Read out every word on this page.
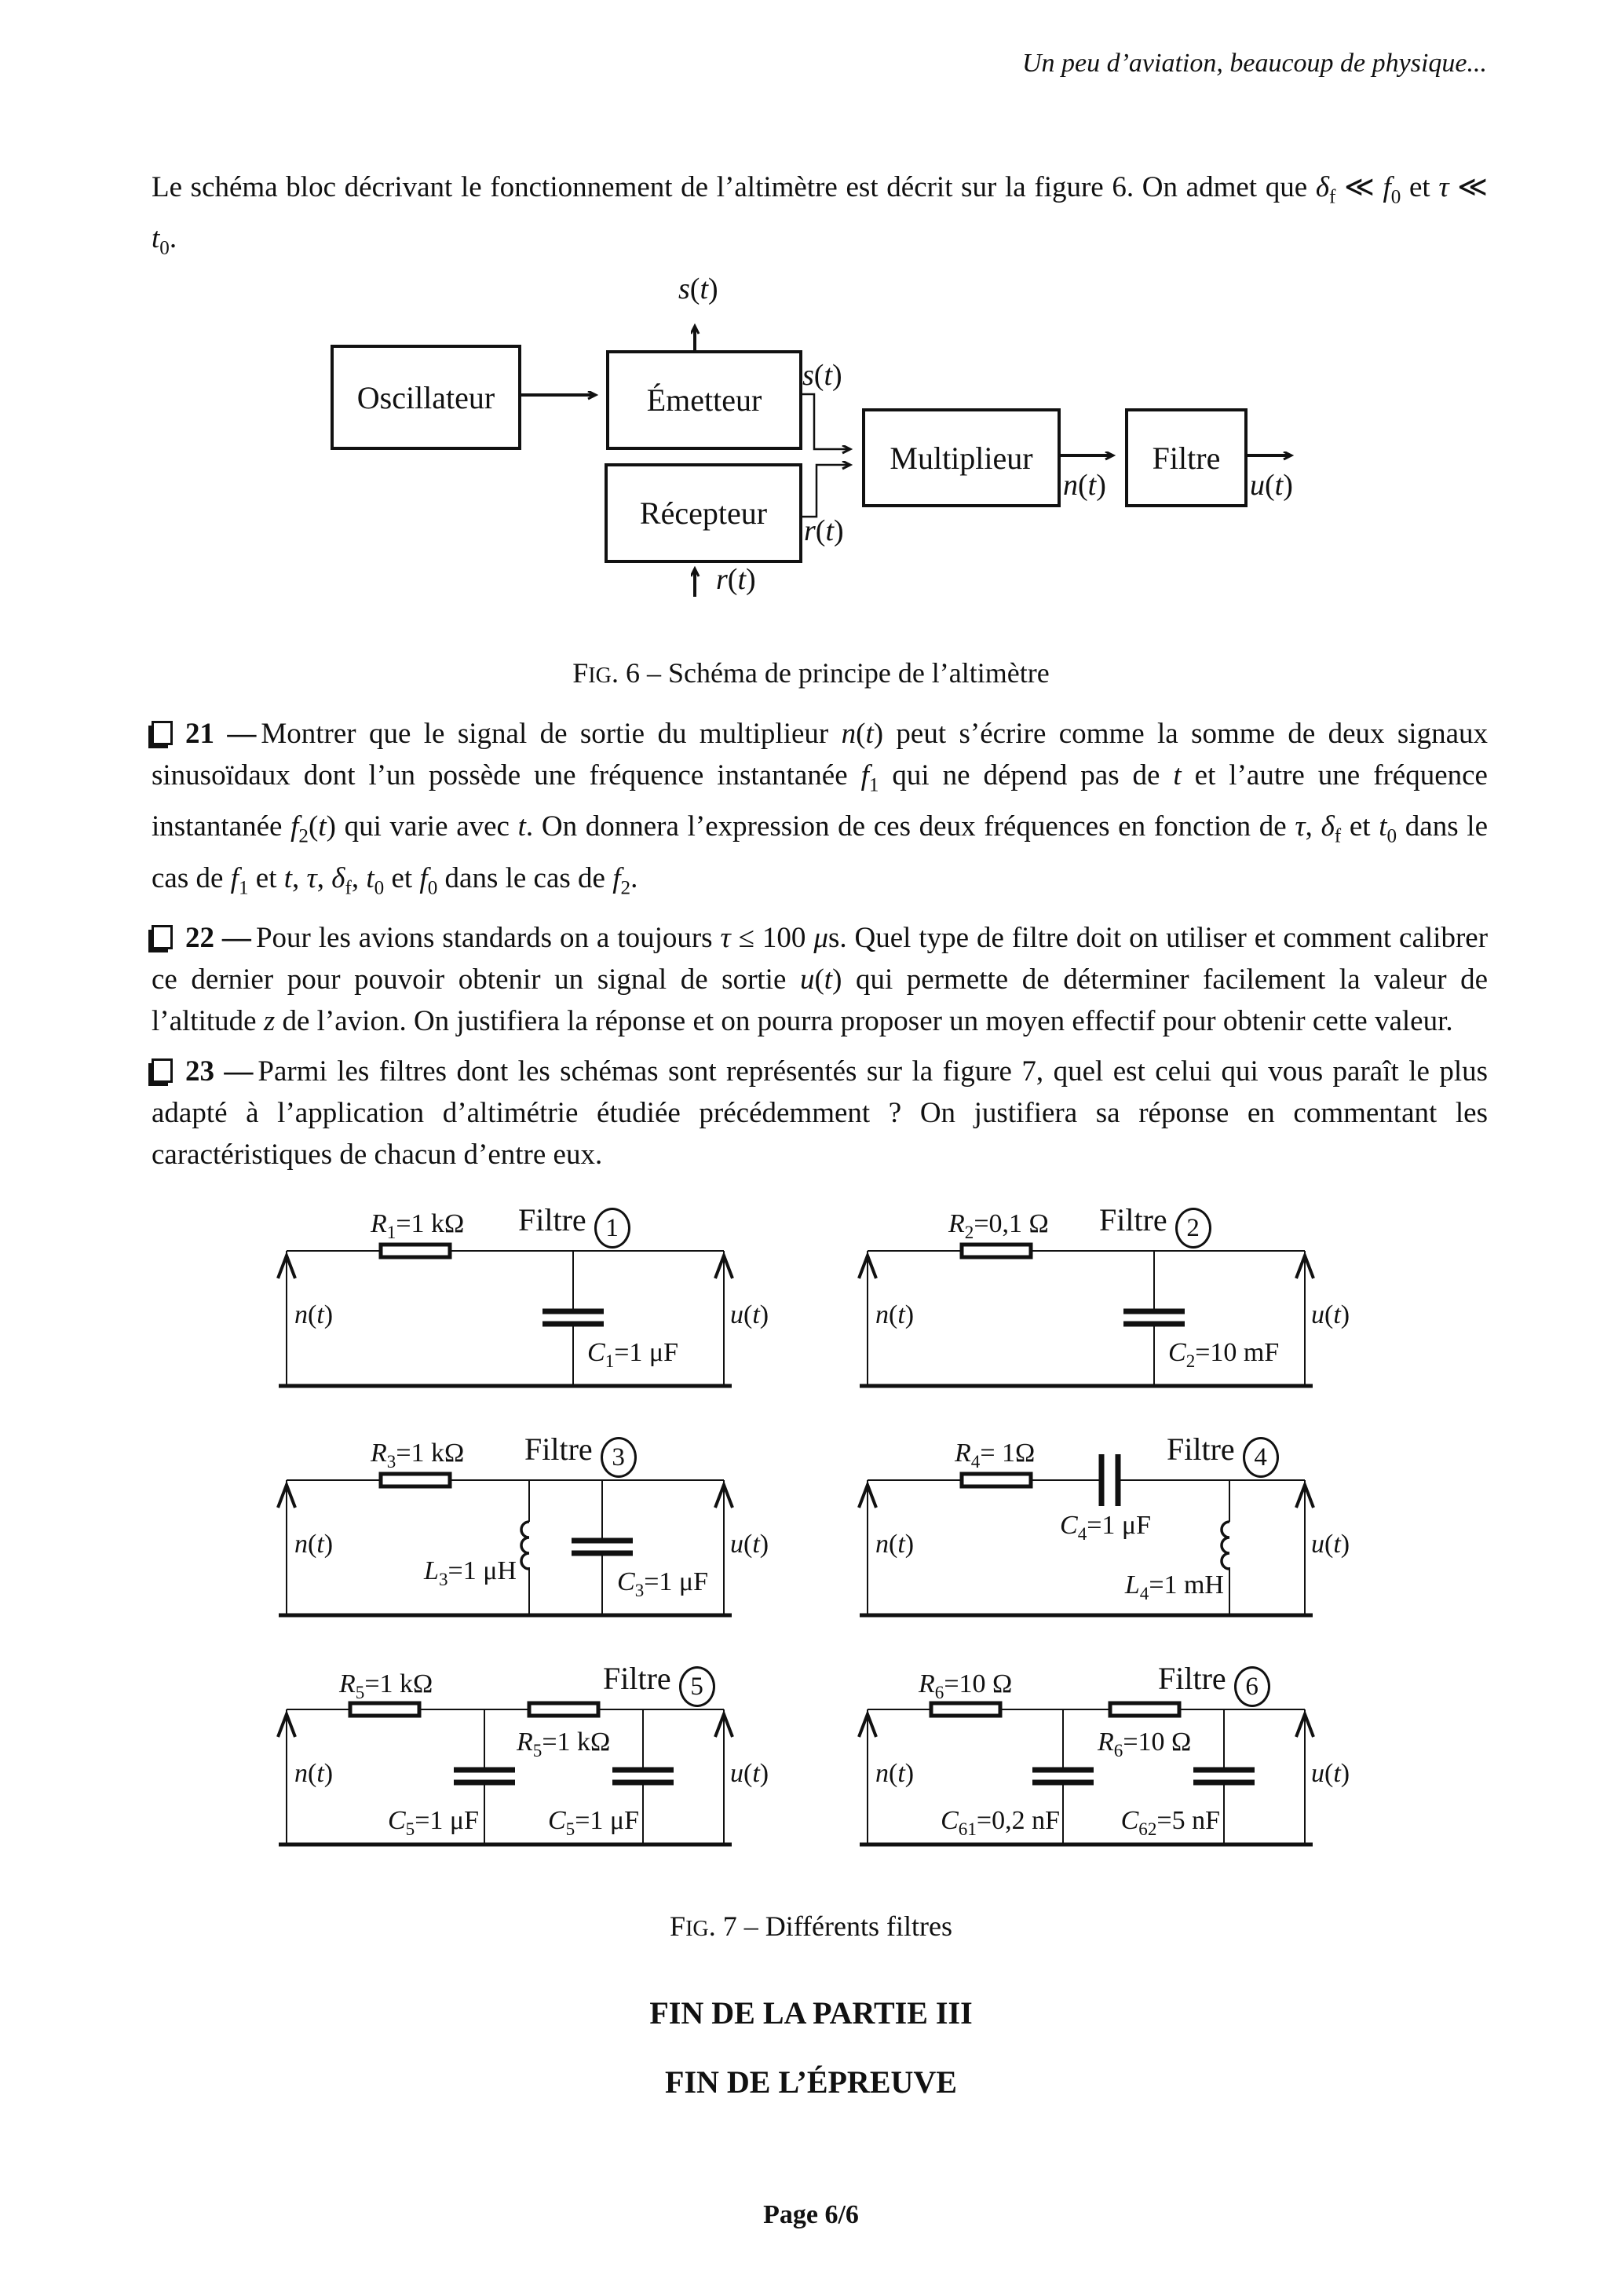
Un peu d’aviation, beaucoup de physique...
Le schéma bloc décrivant le fonctionnement de l’altimètre est décrit sur la figure 6. On admet que $\delta_f$ ≪ $f_0$ et τ ≪ $t_0$.
Oscillateur	Émetteur
Récepteur
Multiplieur	Filtre
s(t)
s(t)
r(t)
r(t)
n(t)	u(t)
FIG. 6 – Schéma de principe de l’altimètre

21 — Montrer que le signal de sortie du multiplieur n(t) peut s’écrire comme la somme de deux signaux sinusoïdaux dont l’un possède une fréquence instantanée $f_1$ qui ne dépend pas de t et l’autre une fréquence instantanée $f_2(t)$ qui varie avec t. On donnera l’expression de ces deux fréquences en fonction de τ, $\delta_f$ et $t_0$ dans le cas de $f_1$ et t, τ, $\delta_f$, $t_0$ et $f_0$ dans le cas de $f_2$.

22 — Pour les avions standards on a toujours τ ≤ 100 μs. Quel type de filtre doit on utiliser et comment calibrer ce dernier pour pouvoir obtenir un signal de sortie u(t) qui permette de déterminer facilement la valeur de l’altitude z de l’avion. On justifiera la réponse et on pourra proposer un moyen effectif pour obtenir cette valeur.

23 — Parmi les filtres dont les schémas sont représentés sur la figure 7, quel est celui qui vous paraît le plus adapté à l’application d’altimétrie étudiée précédemment ? On justifiera sa réponse en commentant les caractéristiques de chacun d’entre eux.

$R_1=1$ kΩ Filtre 1
n(t)	u(t)
$C_1=1$ μF
$R_2=0,1$ Ω Filtre 2
n(t)	u(t)
$C_2=10$ mF
$R_3=1$ kΩ Filtre 3
n(t)	u(t)
$L_3=1$ μH	$C_3=1$ μF
$R_4= 1\Omega$	Filtre 4
n(t)	u(t)
$C_4=1$ μF
$L_4=1$ mH
$R_5=1$ kΩ	Filtre 5
$R_5=1$ kΩ
n(t)	u(t)
$C_5=1$ μF	$C_5=1$ μF
$R_6=10$ Ω	Filtre 6
$R_6=10$ Ω
n(t)	u(t)
$C_{61}=0,2$ nF	$C_{62}=5$ nF
FIG. 7 – Différents filtres
FIN DE LA PARTIE III
FIN DE L’ÉPREUVE
Page 6/6
